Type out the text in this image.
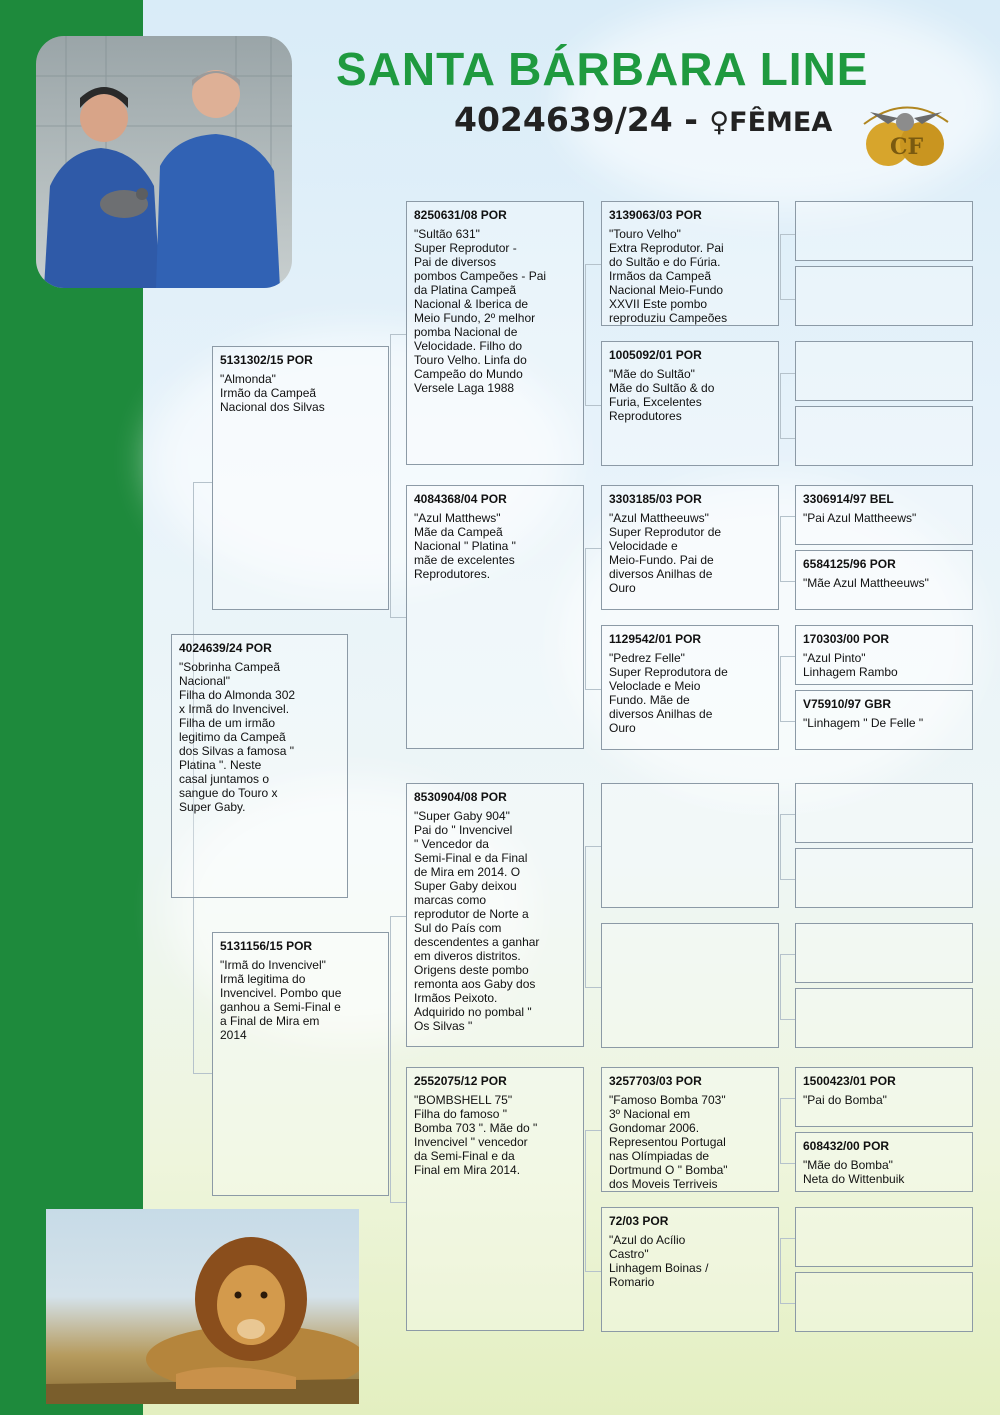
SANTA BÁRBARA LINE
4024639/24 - ♀FÊMEA
CF
4024639/24 POR
"Sobrinha Campeã
Nacional"
Filha do Almonda 302
x Irmã do Invencivel.
Filha de um irmão
legitimo da Campeã
dos Silvas a famosa "
Platina ". Neste
casal juntamos o
sangue do Touro x
Super Gaby.
5131302/15 POR
"Almonda"
Irmão da Campeã
Nacional dos Silvas
5131156/15 POR
"Irmã do Invencivel"
Irmã legitima do
Invencivel. Pombo que
ganhou a Semi-Final e
a Final de Mira em
2014
8250631/08 POR
"Sultão 631"
Super Reprodutor -
Pai de diversos
pombos Campeões - Pai
da Platina Campeã
Nacional & Iberica de
Meio Fundo, 2º melhor
pomba Nacional de
Velocidade. Filho do
Touro Velho. Linfa do
Campeão do Mundo
Versele Laga 1988
4084368/04 POR
"Azul Matthews"
Mãe da Campeã
Nacional " Platina "
mãe de excelentes
Reprodutores.
8530904/08 POR
"Super Gaby 904"
Pai do " Invencivel
" Vencedor da
Semi-Final e da Final
de Mira em 2014. O
Super Gaby deixou
marcas como
reprodutor de Norte a
Sul do País com
descendentes a ganhar
em diveros distritos.
Origens deste pombo
remonta aos Gaby dos
Irmãos Peixoto.
Adquirido no pombal "
Os Silvas "
2552075/12 POR
"BOMBSHELL 75"
Filha do famoso "
Bomba 703 ". Mãe do "
Invencivel " vencedor
da Semi-Final e da
Final em Mira 2014.
3139063/03 POR
"Touro Velho"
Extra Reprodutor. Pai
do Sultão e do Fúria.
Irmãos da Campeã
Nacional Meio-Fundo
XXVII Este pombo
reproduziu Campeões
1005092/01 POR
"Mãe do Sultão"
Mãe do Sultão & do
Furia, Excelentes
Reprodutores
3303185/03 POR
"Azul Mattheeuws"
Super Reprodutor de
Velocidade e
Meio-Fundo. Pai de
diversos Anilhas de
Ouro
1129542/01 POR
"Pedrez Felle"
Super Reprodutora de
Veloclade e Meio
Fundo. Mãe de
diversos Anilhas de
Ouro
3257703/03 POR
"Famoso Bomba 703"
3º Nacional em
Gondomar 2006.
Representou Portugal
nas Olímpiadas de
Dortmund O " Bomba"
dos Moveis Terriveis
72/03 POR
"Azul do Acílio
Castro"
Linhagem Boinas /
Romario
3306914/97 BEL
"Pai Azul Mattheews"
6584125/96 POR
"Mãe Azul Mattheeuws"
170303/00 POR
"Azul Pinto"
Linhagem Rambo
V75910/97 GBR
"Linhagem " De Felle "
1500423/01 POR
"Pai do Bomba"
608432/00 POR
"Mãe do Bomba"
Neta do Wittenbuik
